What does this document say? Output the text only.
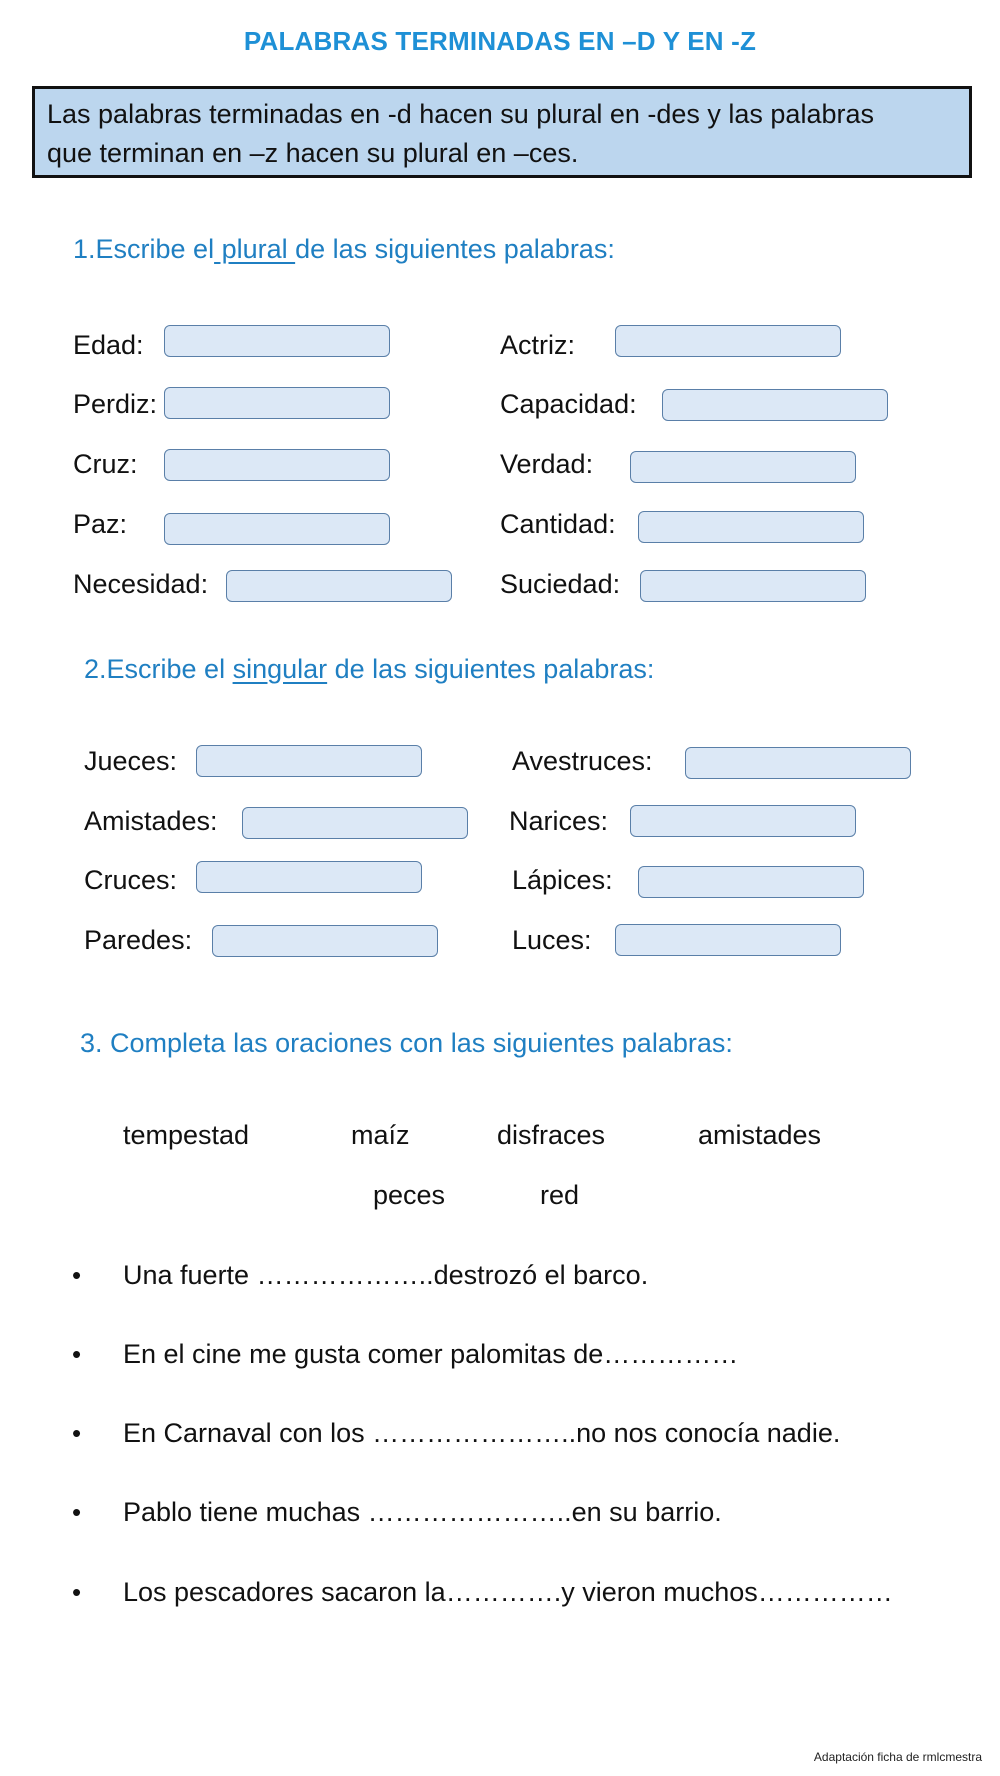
PALABRAS TERMINADAS EN –D Y EN -Z
Las palabras terminadas en -d hacen su plural en -des y las palabras
que terminan en –z hacen su plural en –ces.
1.Escribe el plural de las siguientes palabras:
Edad:
Perdiz:
Cruz:
Paz:
Necesidad:
Actriz:
Capacidad:
Verdad:
Cantidad:
Suciedad:
2.Escribe el singular de las siguientes palabras:
Jueces:
Amistades:
Cruces:
Paredes:
Avestruces:
Narices:
Lápices:
Luces:
3. Completa las oraciones con las siguientes palabras:
tempestad	maíz	disfraces	amistades
peces	red
• Una fuerte ………………..destrozó el barco.
• En el cine me gusta comer palomitas de……………
• En Carnaval con los …………………..no nos conocía nadie.
• Pablo tiene muchas …………………..en su barrio.
• Los pescadores sacaron la………….y vieron muchos……………
Adaptación ficha de rmlcmestra
